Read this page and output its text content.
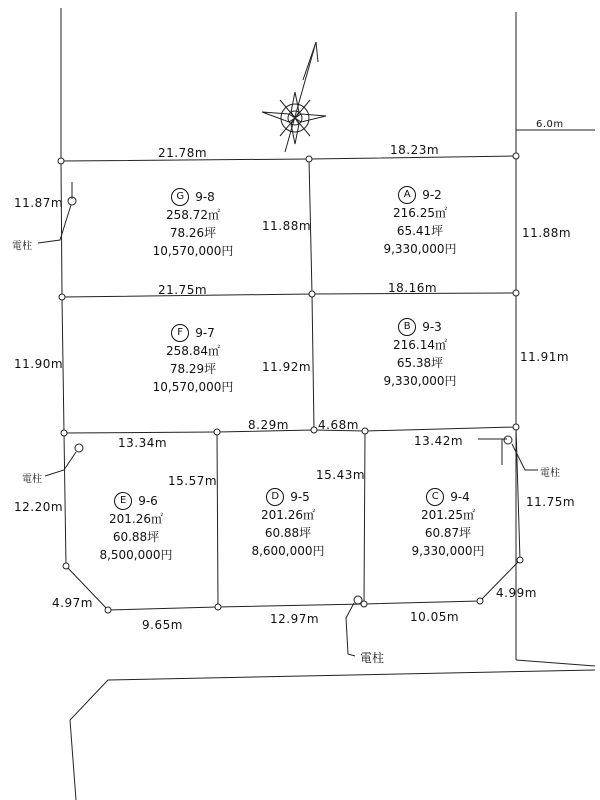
21.78m	18.23m
6.0m
11.87m
11.88m	11.88m
21.75m	18.16m
11.90m	11.92m
11.91m
13.34m
8.29m 4.68m
13.42m
15.57m	15.43m
12.20m	11.75m
4.97m
4.99m
9.65m	12.97m	10.05m
電柱
電柱
電柱
電柱
G 9-8
258.72㎡
78.26坪
10,570,000円
A 9-2
216.25㎡
65.41坪
9,330,000円
F	9-7
258.84㎡
78.29坪
10,570,000円
B 9-3
216.14㎡
65.38坪
9,330,000円
E 9-6
201.26㎡
60.88坪
8,500,000円
D 9-5
201.26㎡
60.88坪
8,600,000円
C 9-4
201.25㎡
60.87坪
9,330,000円
